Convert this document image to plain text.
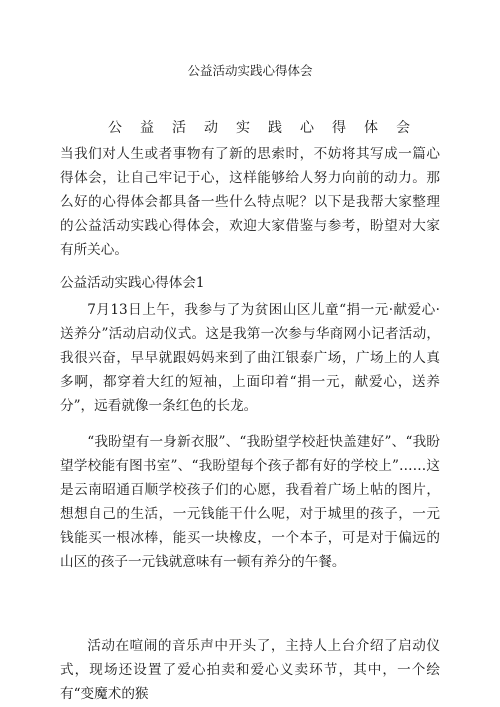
公益活动实践心得体会
公 益 活 动 实 践 心 得 体 会

当我们对人生或者事物有了新的思索时，不妨将其写成一篇心得体会，让自己牢记于心，这样能够给人努力向前的动力。那么好的心得体会都具备一些什么特点呢？以下是我帮大家整理的公益活动实践心得体会，欢迎大家借鉴与参考，盼望对大家有所关心。

公益活动实践心得体会1

7月13日上午，我参与了为贫困山区儿童“捐一元·献爱心·送养分”活动启动仪式。这是我第一次参与华商网小记者活动，我很兴奋，早早就跟妈妈来到了曲江银泰广场，广场上的人真多啊，都穿着大红的短袖，上面印着“捐一元，献爱心，送养分”，远看就像一条红色的长龙。

“我盼望有一身新衣服”、“我盼望学校赶快盖建好”、“我盼望学校能有图书室”、“我盼望每个孩子都有好的学校上”……这是云南昭通百顺学校孩子们的心愿，我看着广场上帖的图片，想想自己的生活，一元钱能干什么呢，对于城里的孩子，一元钱能买一根冰棒，能买一块橡皮，一个本子，可是对于偏远的山区的孩子一元钱就意味有一顿有养分的午餐。

活动在喧闹的音乐声中开头了，主持人上台介绍了启动仪式，现场还设置了爱心拍卖和爱心义卖环节，其中，一个绘有“变魔术的猴
